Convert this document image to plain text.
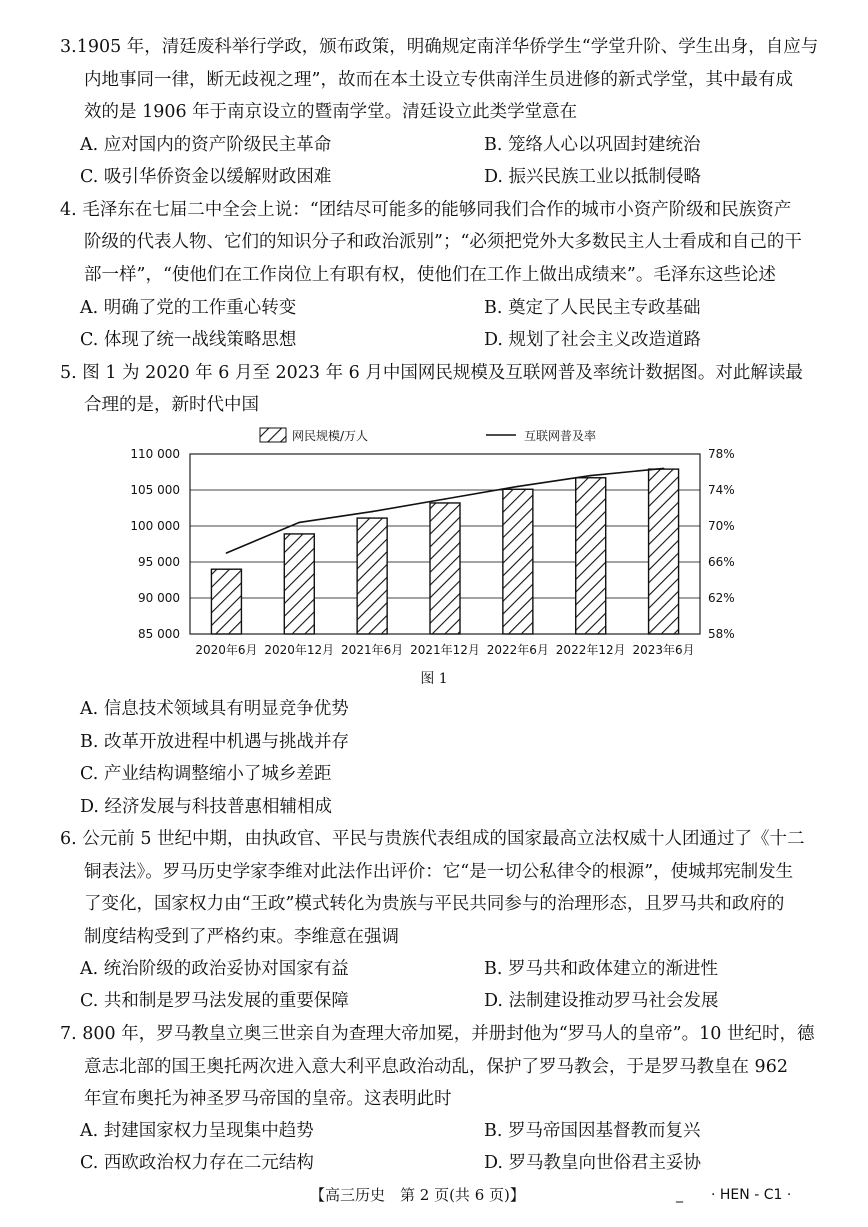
3.1905 年，清廷废科举行学政，颁布政策，明确规定南洋华侨学生“学堂升阶、学生出身，自应与
内地事同一律，断无歧视之理”，故而在本土设立专供南洋生员进修的新式学堂，其中最有成
效的是 1906 年于南京设立的暨南学堂。清廷设立此类学堂意在
A. 应对国内的资产阶级民主革命	B. 笼络人心以巩固封建统治
C. 吸引华侨资金以缓解财政困难	D. 振兴民族工业以抵制侵略
4. 毛泽东在七届二中全会上说：“团结尽可能多的能够同我们合作的城市小资产阶级和民族资产
阶级的代表人物、它们的知识分子和政治派别”；“必须把党外大多数民主人士看成和自己的干
部一样”，“使他们在工作岗位上有职有权，使他们在工作上做出成绩来”。毛泽东这些论述
A. 明确了党的工作重心转变	B. 奠定了人民民主专政基础
C. 体现了统一战线策略思想	D. 规划了社会主义改造道路
5. 图 1 为 2020 年 6 月至 2023 年 6 月中国网民规模及互联网普及率统计数据图。对此解读最
合理的是，新时代中国
85 000	58%
90 000	62%
95 000	66%
100 000	70%
105 000	74%
110 000	78%
2020年6月 2020年12月 2021年6月 2021年12月 2022年6月 2022年12月 2023年6月
网民规模/万人	互联网普及率
图 1
A. 信息技术领域具有明显竞争优势
B. 改革开放进程中机遇与挑战并存
C. 产业结构调整缩小了城乡差距
D. 经济发展与科技普惠相辅相成
6. 公元前 5 世纪中期，由执政官、平民与贵族代表组成的国家最高立法权威十人团通过了《十二
铜表法》。罗马历史学家李维对此法作出评价：它“是一切公私律令的根源”，使城邦宪制发生
了变化，国家权力由“王政”模式转化为贵族与平民共同参与的治理形态，且罗马共和政府的
制度结构受到了严格约束。李维意在强调
A. 统治阶级的政治妥协对国家有益	B. 罗马共和政体建立的渐进性
C. 共和制是罗马法发展的重要保障	D. 法制建设推动罗马社会发展
7. 800 年，罗马教皇立奥三世亲自为查理大帝加冕，并册封他为“罗马人的皇帝”。10 世纪时，德
意志北部的国王奥托两次进入意大利平息政治动乱，保护了罗马教会，于是罗马教皇在 962
年宣布奥托为神圣罗马帝国的皇帝。这表明此时
A. 封建国家权力呈现集中趋势	B. 罗马帝国因基督教而复兴
C. 西欧政治权力存在二元结构	D. 罗马教皇向世俗君主妥协
【高三历史　第 2 页(共 6 页)】	_　　· HEN - C1 ·
